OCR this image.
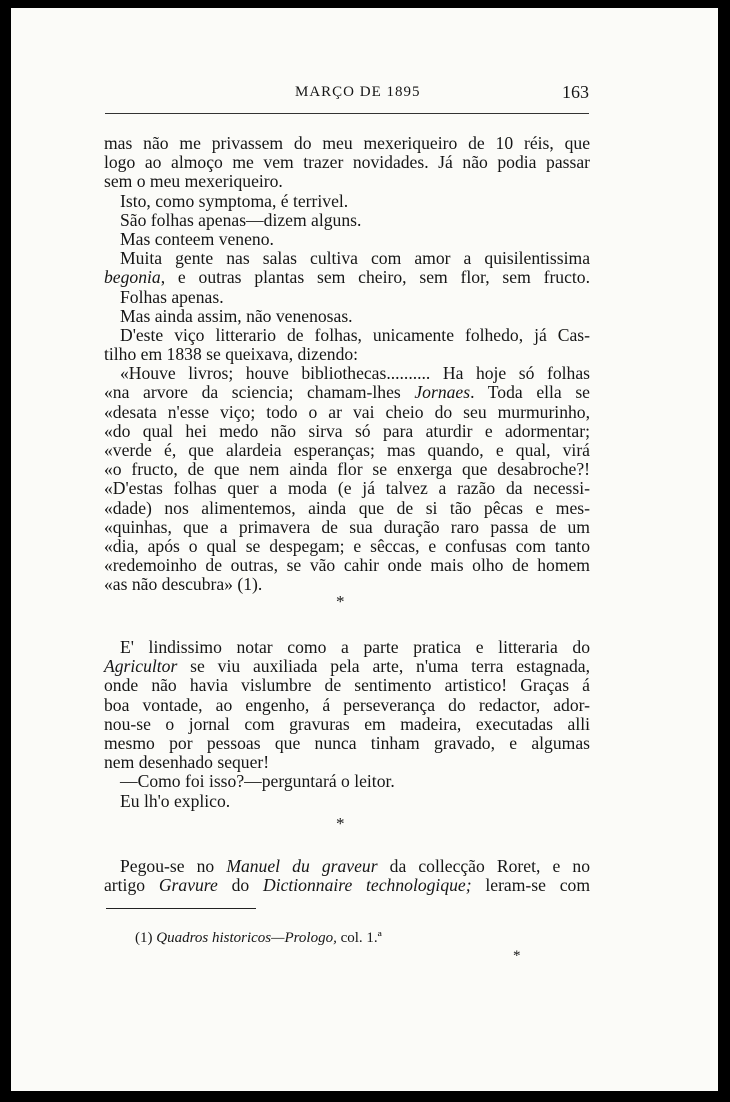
MARÇO DE 1895	163
mas não me privassem do meu mexeriqueiro de 10 réis, que
logo ao almoço me vem trazer novidades. Já não podia passar
sem o meu mexeriqueiro.
Isto, como symptoma, é terrivel.
São folhas apenas—dizem alguns.
Mas conteem veneno.
Muita gente nas salas cultiva com amor a quisilentissima
begonia, e outras plantas sem cheiro, sem flor, sem fructo.
Folhas apenas.
Mas ainda assim, não venenosas.
D'este viço litterario de folhas, unicamente folhedo, já Cas-
tilho em 1838 se queixava, dizendo:
«Houve livros; houve bibliothecas.......... Ha hoje só folhas
«na arvore da sciencia; chamam-lhes Jornaes. Toda ella se
«desata n'esse viço; todo o ar vai cheio do seu murmurinho,
«do qual hei medo não sirva só para aturdir e adormentar;
«verde é, que alardeia esperanças; mas quando, e qual, virá
«o fructo, de que nem ainda flor se enxerga que desabroche?!
«D'estas folhas quer a moda (e já talvez a razão da necessi-
«dade) nos alimentemos, ainda que de si tão pêcas e mes-
«quinhas, que a primavera de sua duração raro passa de um
«dia, após o qual se despegam; e sêccas, e confusas com tanto
«redemoinho de outras, se vão cahir onde mais olho de homem
«as não descubra» (1).
*
E' lindissimo notar como a parte pratica e litteraria do
Agricultor se viu auxiliada pela arte, n'uma terra estagnada,
onde não havia vislumbre de sentimento artistico! Graças á
boa vontade, ao engenho, á perseverança do redactor, ador-
nou-se o jornal com gravuras em madeira, executadas alli
mesmo por pessoas que nunca tinham gravado, e algumas
nem desenhado sequer!
—Como foi isso?—perguntará o leitor.
Eu lh'o explico.
*
Pegou-se no Manuel du graveur da collecção Roret, e no
artigo Gravure do Dictionnaire technologique; leram-se com
(1) Quadros historicos—Prologo, col. 1.ª
*
